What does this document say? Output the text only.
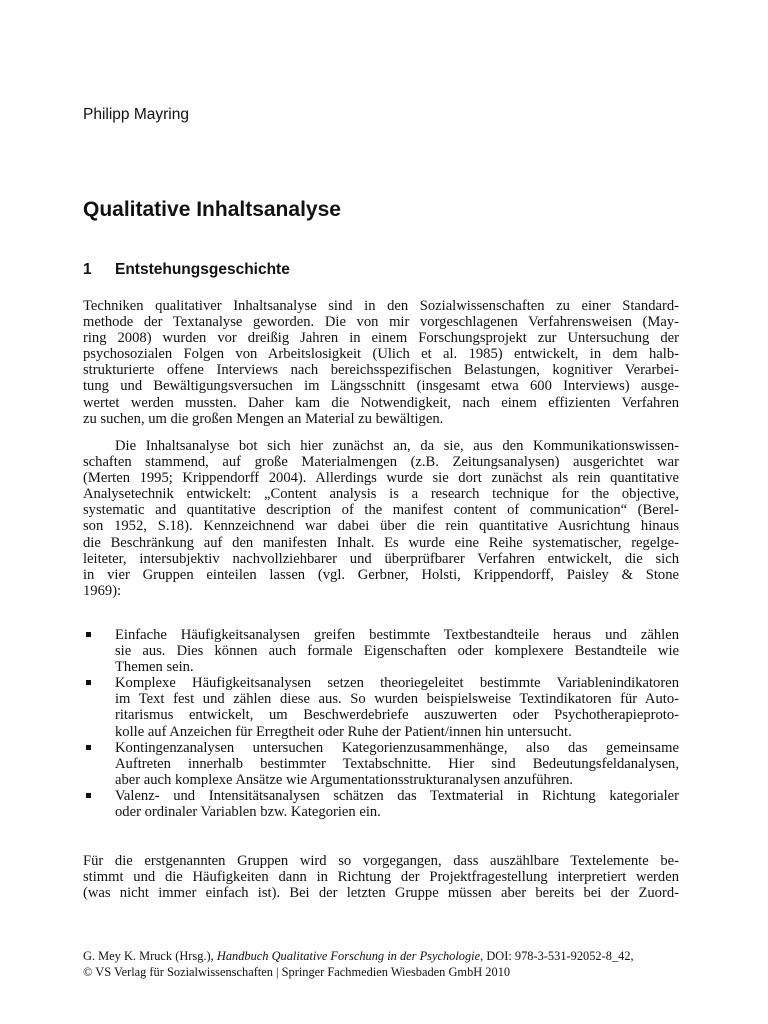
Philipp Mayring
Qualitative Inhaltsanalyse
1 Entstehungsgeschichte
Techniken qualitativer Inhaltsanalyse sind in den Sozialwissenschaften zu einer Standard-
methode der Textanalyse geworden. Die von mir vorgeschlagenen Verfahrensweisen (May-
ring 2008) wurden vor dreißig Jahren in einem Forschungsprojekt zur Untersuchung der
psychosozialen Folgen von Arbeitslosigkeit (Ulich et al. 1985) entwickelt, in dem halb-
strukturierte offene Interviews nach bereichsspezifischen Belastungen, kognitiver Verarbei-
tung und Bewältigungsversuchen im Längsschnitt (insgesamt etwa 600 Interviews) ausge-
wertet werden mussten. Daher kam die Notwendigkeit, nach einem effizienten Verfahren
zu suchen, um die großen Mengen an Material zu bewältigen.
Die Inhaltsanalyse bot sich hier zunächst an, da sie, aus den Kommunikationswissen-
schaften stammend, auf große Materialmengen (z.B. Zeitungsanalysen) ausgerichtet war
(Merten 1995; Krippendorff 2004). Allerdings wurde sie dort zunächst als rein quantitative
Analysetechnik entwickelt: „Content analysis is a research technique for the objective,
systematic and quantitative description of the manifest content of communication“ (Berel-
son 1952, S.18). Kennzeichnend war dabei über die rein quantitative Ausrichtung hinaus
die Beschränkung auf den manifesten Inhalt. Es wurde eine Reihe systematischer, regelge-
leiteter, intersubjektiv nachvollziehbarer und überprüfbarer Verfahren entwickelt, die sich
in vier Gruppen einteilen lassen (vgl. Gerbner, Holsti, Krippendorff, Paisley & Stone
1969):
Einfache Häufigkeitsanalysen greifen bestimmte Textbestandteile heraus und zählen
sie aus. Dies können auch formale Eigenschaften oder komplexere Bestandteile wie
Themen sein.
Komplexe Häufigkeitsanalysen setzen theoriegeleitet bestimmte Variablenindikatoren
im Text fest und zählen diese aus. So wurden beispielsweise Textindikatoren für Auto-
ritarismus entwickelt, um Beschwerdebriefe auszuwerten oder Psychotherapieproto-
kolle auf Anzeichen für Erregtheit oder Ruhe der Patient/innen hin untersucht.
Kontingenzanalysen untersuchen Kategorienzusammenhänge, also das gemeinsame
Auftreten innerhalb bestimmter Textabschnitte. Hier sind Bedeutungsfeldanalysen,
aber auch komplexe Ansätze wie Argumentationsstrukturanalysen anzuführen.
Valenz- und Intensitätsanalysen schätzen das Textmaterial in Richtung kategorialer
oder ordinaler Variablen bzw. Kategorien ein.
Für die erstgenannten Gruppen wird so vorgegangen, dass auszählbare Textelemente be-
stimmt und die Häufigkeiten dann in Richtung der Projektfragestellung interpretiert werden
(was nicht immer einfach ist). Bei der letzten Gruppe müssen aber bereits bei der Zuord-
G. Mey K. Mruck (Hrsg.), Handbuch Qualitative Forschung in der Psychologie, DOI: 978-3-531-92052-8_42,
© VS Verlag für Sozialwissenschaften | Springer Fachmedien Wiesbaden GmbH 2010
